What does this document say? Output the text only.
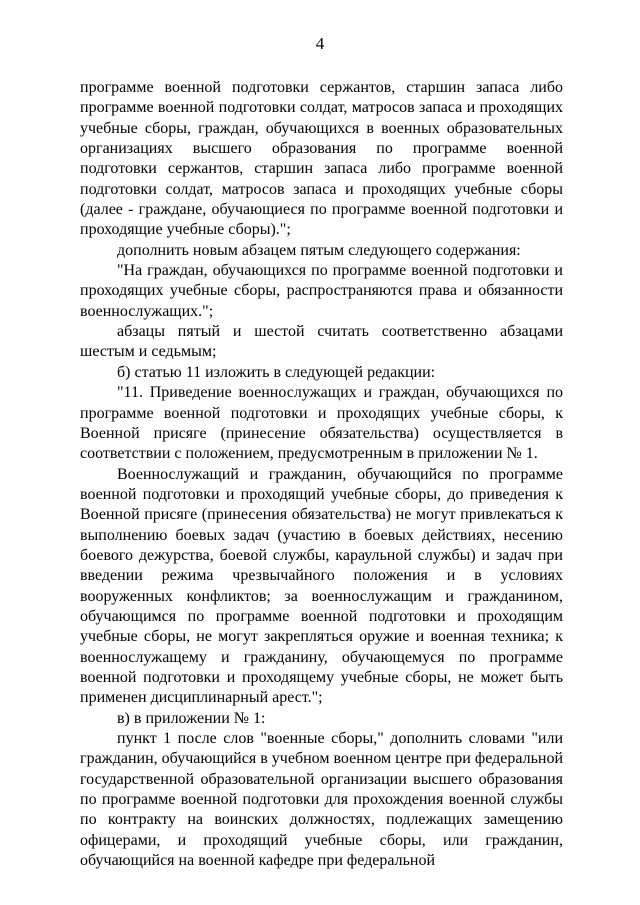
4

программе военной подготовки сержантов, старшин запаса либо программе военной подготовки солдат, матросов запаса и проходящих учебные сборы, граждан, обучающихся в военных образовательных организациях высшего образования по программе военной подготовки сержантов, старшин запаса либо программе военной подготовки солдат, матросов запаса и проходящих учебные сборы (далее - граждане, обучающиеся по программе военной подготовки и проходящие учебные сборы).";

дополнить новым абзацем пятым следующего содержания:

"На граждан, обучающихся по программе военной подготовки и проходящих учебные сборы, распространяются права и обязанности военнослужащих.";

абзацы пятый и шестой считать соответственно абзацами шестым и седьмым;

б) статью 11 изложить в следующей редакции:

"11. Приведение военнослужащих и граждан, обучающихся по программе военной подготовки и проходящих учебные сборы, к Военной присяге (принесение обязательства) осуществляется в соответствии с положением, предусмотренным в приложении № 1.

Военнослужащий и гражданин, обучающийся по программе военной подготовки и проходящий учебные сборы, до приведения к Военной присяге (принесения обязательства) не могут привлекаться к выполнению боевых задач (участию в боевых действиях, несению боевого дежурства, боевой службы, караульной службы) и задач при введении режима чрезвычайного положения и в условиях вооруженных конфликтов; за военнослужащим и гражданином, обучающимся по программе военной подготовки и проходящим учебные сборы, не могут закрепляться оружие и военная техника; к военнослужащему и гражданину, обучающемуся по программе военной подготовки и проходящему учебные сборы, не может быть применен дисциплинарный арест.";

в) в приложении № 1:

пункт 1 после слов "военные сборы," дополнить словами "или гражданин, обучающийся в учебном военном центре при федеральной государственной образовательной организации высшего образования по программе военной подготовки для прохождения военной службы по контракту на воинских должностях, подлежащих замещению офицерами, и проходящий учебные сборы, или гражданин, обучающийся на военной кафедре при федеральной
